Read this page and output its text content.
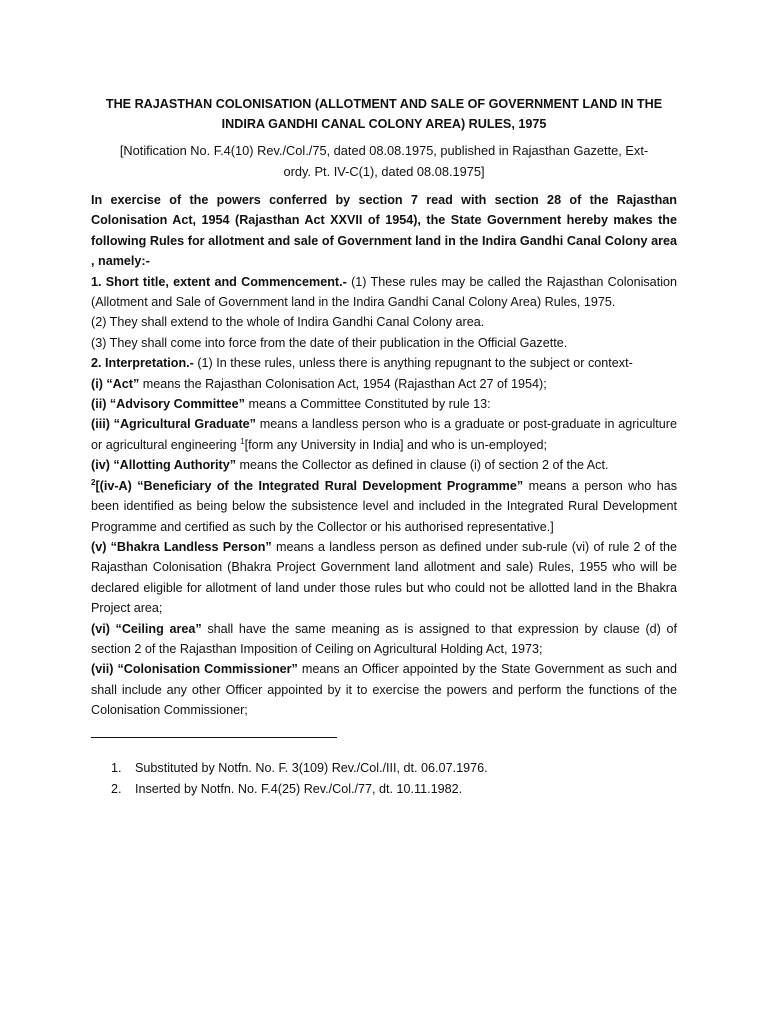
THE RAJASTHAN COLONISATION (ALLOTMENT AND SALE OF GOVERNMENT LAND IN THE
INDIRA GANDHI CANAL COLONY AREA) RULES, 1975
[Notification No. F.4(10) Rev./Col./75, dated 08.08.1975, published in Rajasthan Gazette, Ext-
ordy. Pt. IV-C(1), dated 08.08.1975]

In exercise of the powers conferred by section 7 read with section 28 of the Rajasthan Colonisation Act, 1954 (Rajasthan Act XXVII of 1954), the State Government hereby makes the following Rules for allotment and sale of Government land in the Indira Gandhi Canal Colony area , namely:-

1. Short title, extent and Commencement.- (1) These rules may be called the Rajasthan Colonisation (Allotment and Sale of Government land in the Indira Gandhi Canal Colony Area) Rules, 1975.

(2) They shall extend to the whole of Indira Gandhi Canal Colony area.

(3) They shall come into force from the date of their publication in the Official Gazette.

2. Interpretation.- (1) In these rules, unless there is anything repugnant to the subject or context-

(i) “Act” means the Rajasthan Colonisation Act, 1954 (Rajasthan Act 27 of 1954);

(ii) “Advisory Committee” means a Committee Constituted by rule 13:

(iii) “Agricultural Graduate” means a landless person who is a graduate or post-graduate in agriculture or agricultural engineering $^1$[form any University in India] and who is un-employed;

(iv) “Allotting Authority” means the Collector as defined in clause (i) of section 2 of the Act.

$^2$[(iv-A) “Beneficiary of the Integrated Rural Development Programme” means a person who has been identified as being below the subsistence level and included in the Integrated Rural Development Programme and certified as such by the Collector or his authorised representative.]

(v) “Bhakra Landless Person” means a landless person as defined under sub-rule (vi) of rule 2 of the Rajasthan Colonisation (Bhakra Project Government land allotment and sale) Rules, 1955 who will be declared eligible for allotment of land under those rules but who could not be allotted land in the Bhakra Project area;

(vi) “Ceiling area” shall have the same meaning as is assigned to that expression by clause (d) of section 2 of the Rajasthan Imposition of Ceiling on Agricultural Holding Act, 1973;

(vii) “Colonisation Commissioner” means an Officer appointed by the State Government as such and shall include any other Officer appointed by it to exercise the powers and perform the functions of the Colonisation Commissioner;

1.	Substituted by Notfn. No. F. 3(109) Rev./Col./III, dt. 06.07.1976.
2.	Inserted by Notfn. No. F.4(25) Rev./Col./77, dt. 10.11.1982.
